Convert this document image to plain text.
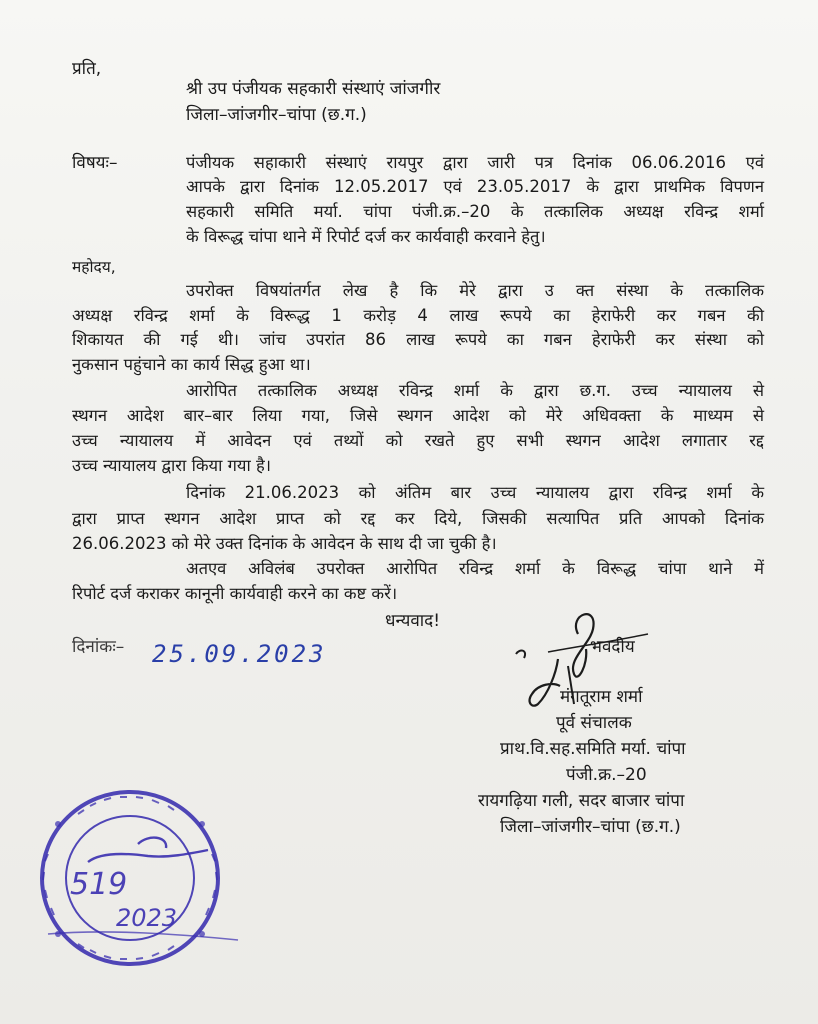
प्रति,
श्री उप पंजीयक सहकारी संस्थाएं जांजगीर
जिला–जांजगीर–चांपा (छ.ग.)
विषयः–	पंजीयक सहाकारी संस्थाएं रायपुर द्वारा जारी पत्र दिनांक 06.06.2016 एवं
आपके द्वारा दिनांक 12.05.2017 एवं 23.05.2017 के द्वारा प्राथमिक विपणन
सहकारी समिति मर्या. चांपा पंजी.क्र.–20 के तत्कालिक अध्यक्ष रविन्द्र शर्मा
के विरूद्ध चांपा थाने में रिपोर्ट दर्ज कर कार्यवाही करवाने हेतु।
महोदय,
उपरोक्त विषयांतर्गत लेख है कि मेरे द्वारा उ क्त संस्था के तत्कालिक
अध्यक्ष रविन्द्र शर्मा के विरूद्ध 1 करोड़ 4 लाख रूपये का हेराफेरी कर गबन की
शिकायत की गई थी। जांच उपरांत 86 लाख रूपये का गबन हेराफेरी कर संस्था को
नुकसान पहुंचाने का कार्य सिद्ध हुआ था।
आरोपित तत्कालिक अध्यक्ष रविन्द्र शर्मा के द्वारा छ.ग. उच्च न्यायालय से
स्थगन आदेश बार–बार लिया गया, जिसे स्थगन आदेश को मेरे अधिवक्ता के माध्यम से
उच्च न्यायालय में आवेदन एवं तथ्यों को रखते हुए सभी स्थगन आदेश लगातार रद्द
उच्च न्यायालय द्वारा किया गया है।
दिनांक 21.06.2023 को अंतिम बार उच्च न्यायालय द्वारा रविन्द्र शर्मा के
द्वारा प्राप्त स्थगन आदेश प्राप्त को रद्द कर दिये, जिसकी सत्यापित प्रति आपको दिनांक
26.06.2023 को मेरे उक्त दिनांक के आवेदन के साथ दी जा चुकी है।
अतएव अविलंब उपरोक्त आरोपित रविन्द्र शर्मा के विरूद्ध चांपा थाने में
रिपोर्ट दर्ज कराकर कानूनी कार्यवाही करने का कष्ट करें।
धन्यवाद!
दिनांकः– 25.09.2023	भवदीय
मंगतूराम शर्मा
पूर्व संचालक
प्राथ.वि.सह.समिति मर्या. चांपा
पंजी.क्र.–20
रायगढ़िया गली, सदर बाजार चांपा
जिला–जांजगीर–चांपा (छ.ग.)
519
2023
